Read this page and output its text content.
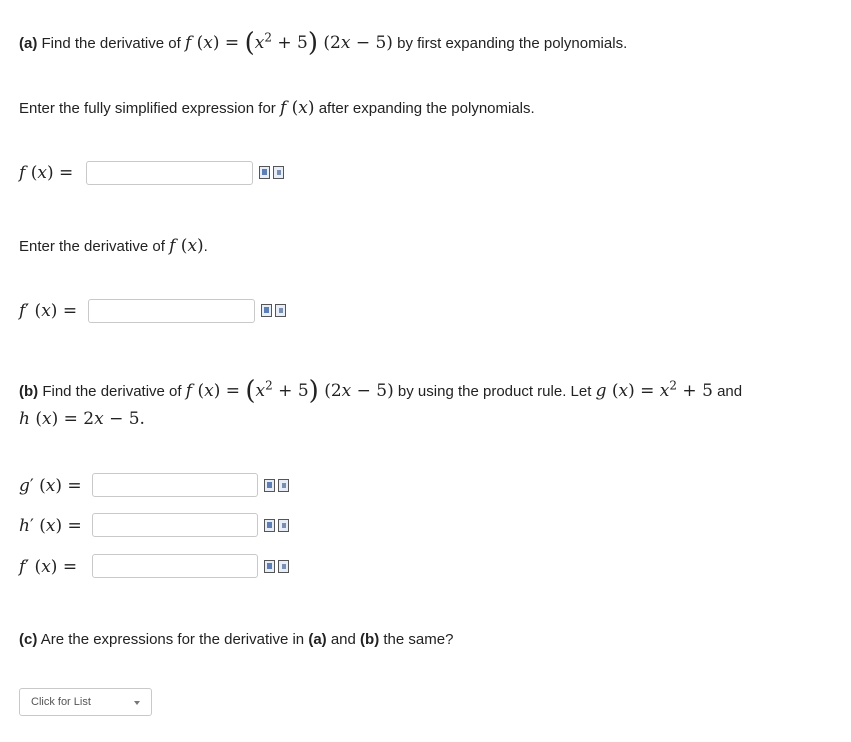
(a) Find the derivative of f $(x) = (x^2 + 5) (2x - 5)$ by first expanding the polynomials.
Enter the fully simplified expression for f (x) after expanding the polynomials.
f (x) =
Enter the derivative of f (x).
f′ (x) =
(b) Find the derivative of f $(x) = (x^2 + 5) (2x - 5)$ by using the product rule. Let g $(x) = x^2 + 5$ and
h (x) = 2x − 5.
g′ (x) =
h′ (x) =
f′ (x) =
(c) Are the expressions for the derivative in (a) and (b) the same?
Click for List
